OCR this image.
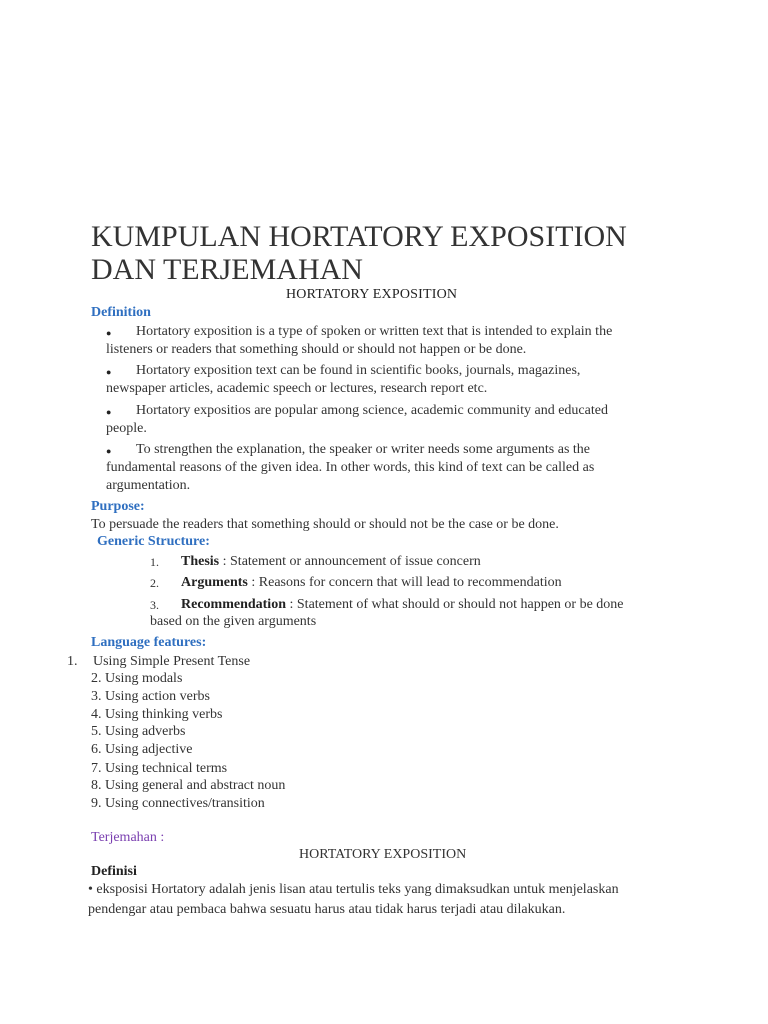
KUMPULAN HORTATORY EXPOSITION
DAN TERJEMAHAN
HORTATORY EXPOSITION
Definition
●	Hortatory exposition is a type of spoken or written text that is intended to explain the listeners or readers that something should or should not happen or be done.
●	Hortatory exposition text can be found in scientific books, journals, magazines, newspaper articles, academic speech or lectures, research report etc.
●	Hortatory expositios are popular among science, academic community and educated people.
●	To strengthen the explanation, the speaker or writer needs some arguments as the fundamental reasons of the given idea. In other words, this kind of text can be called as argumentation.
Purpose:
To persuade the readers that something should or should not be the case or be done.
Generic Structure:
1. Thesis : Statement or announcement of issue concern
2. Arguments : Reasons for concern that will lead to recommendation
3. Recommendation : Statement of what should or should not happen or be done
based on the given arguments
Language features:
1. Using Simple Present Tense
2. Using modals
3. Using action verbs
4. Using thinking verbs
5. Using adverbs
6. Using adjective
7. Using technical terms
8. Using general and abstract noun
9. Using connectives/transition
Terjemahan :
HORTATORY EXPOSITION
Definisi
• eksposisi Hortatory adalah jenis lisan atau tertulis teks yang dimaksudkan untuk menjelaskan
pendengar atau pembaca bahwa sesuatu harus atau tidak harus terjadi atau dilakukan.
